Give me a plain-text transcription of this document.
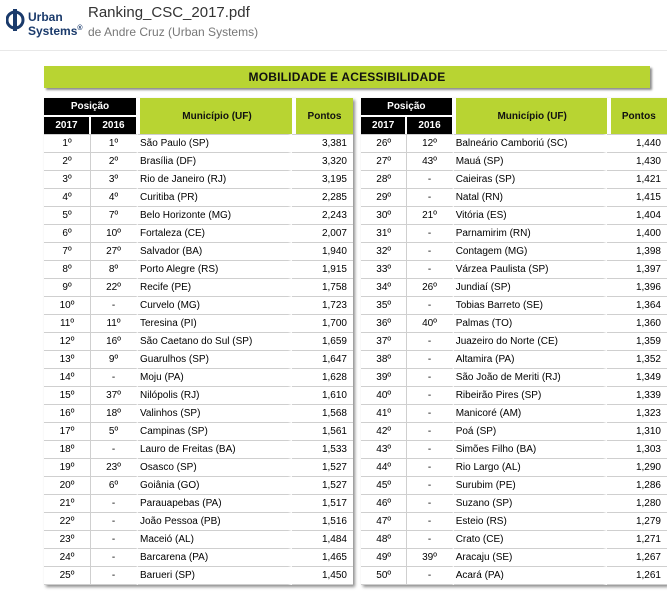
Urban
Systems®
Ranking_CSC_2017.pdf
de Andre Cruz (Urban Systems)
MOBILIDADE E ACESSIBILIDADE
Posição		Município (UF)	Pontos
2017	2016		
1º	1º	São Paulo (SP)	3,381
2º	2º	Brasília (DF)	3,320
3º	3º	Rio de Janeiro (RJ)	3,195
4º	4º	Curitiba (PR)	2,285
5º	7º	Belo Horizonte (MG)	2,243
6º	10º	Fortaleza (CE)	2,007
7º	27º	Salvador (BA)	1,940
8º	8º	Porto Alegre (RS)	1,915
9º	22º	Recife (PE)	1,758
10º	-	Curvelo (MG)	1,723
11º	11º	Teresina (PI)	1,700
12º	16º	São Caetano do Sul (SP)	1,659
13º	9º	Guarulhos (SP)	1,647
14º	-	Moju (PA)	1,628
15º	37º	Nilópolis (RJ)	1,610
16º	18º	Valinhos (SP)	1,568
17º	5º	Campinas (SP)	1,561
18º	-	Lauro de Freitas (BA)	1,533
19º	23º	Osasco (SP)	1,527
20º	6º	Goiânia (GO)	1,527
21º	-	Parauapebas (PA)	1,517
22º	-	João Pessoa (PB)	1,516
23º	-	Maceió (AL)	1,484
24º	-	Barcarena (PA)	1,465
25º	-	Barueri (SP)	1,450
Posição		Município (UF)	Pontos
2017	2016		
26º	12º	Balneário Camboriú (SC)	1,440
27º	43º	Mauá (SP)	1,430
28º	-	Caieiras (SP)	1,421
29º	-	Natal (RN)	1,415
30º	21º	Vitória (ES)	1,404
31º	-	Parnamirim (RN)	1,400
32º	-	Contagem (MG)	1,398
33º	-	Várzea Paulista (SP)	1,397
34º	26º	Jundiaí (SP)	1,396
35º	-	Tobias Barreto (SE)	1,364
36º	40º	Palmas (TO)	1,360
37º	-	Juazeiro do Norte (CE)	1,359
38º	-	Altamira (PA)	1,352
39º	-	São João de Meriti (RJ)	1,349
40º	-	Ribeirão Pires (SP)	1,339
41º	-	Manicoré (AM)	1,323
42º	-	Poá (SP)	1,310
43º	-	Simões Filho (BA)	1,303
44º	-	Rio Largo (AL)	1,290
45º	-	Surubim (PE)	1,286
46º	-	Suzano (SP)	1,280
47º	-	Esteio (RS)	1,279
48º	-	Crato (CE)	1,271
49º	39º	Aracaju (SE)	1,267
50º	-	Acará (PA)	1,261
